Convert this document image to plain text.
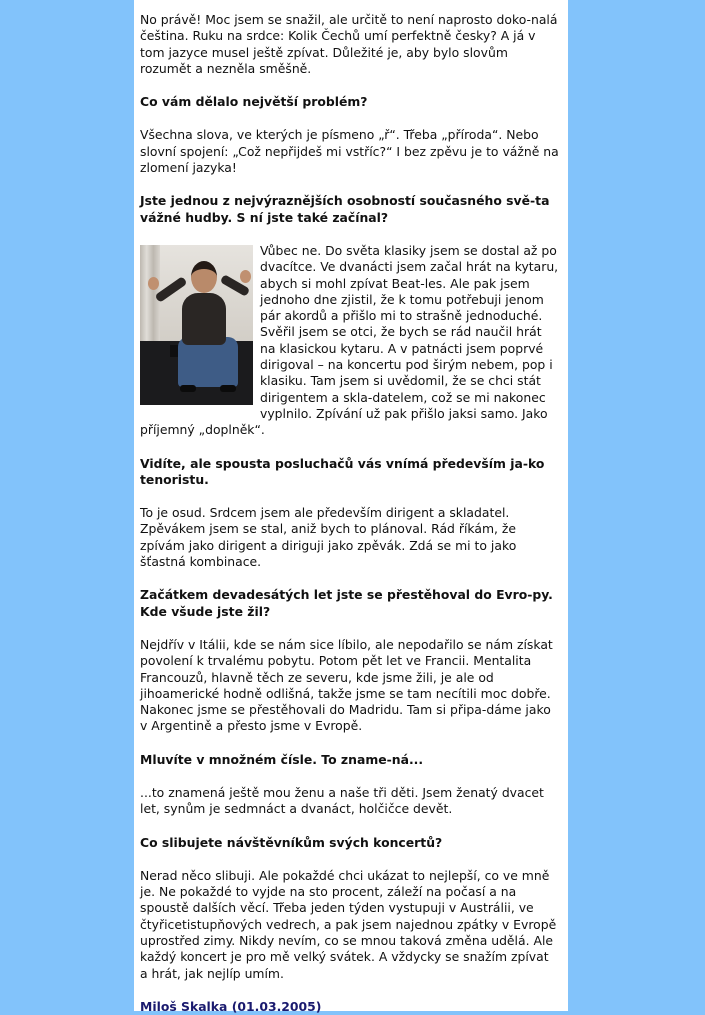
No právě! Moc jsem se snažil, ale určitě to není naprosto doko-nalá čeština. Ruku na srdce: Kolik Čechů umí perfektně česky? A já v tom jazyce musel ještě zpívat. Důležité je, aby bylo slovům rozumět a nezněla směšně.

Co vám dělalo největší problém?

Všechna slova, ve kterých je písmeno „ř“. Třeba „příroda“. Nebo slovní spojení: „Což nepřijdeš mi vstříc?“ I bez zpěvu je to vážně na zlomení jazyka!

Jste jednou z nejvýraznějších osobností současného svě-ta vážné hudby. S ní jste také začínal?

Vůbec ne. Do světa klasiky jsem se dostal až po dvacítce. Ve dvanácti jsem začal hrát na kytaru, abych si mohl zpívat Beat-les. Ale pak jsem jednoho dne zjistil, že k tomu potřebuji jenom pár akordů a přišlo mi to strašně jednoduché. Svěřil jsem se otci, že bych se rád naučil hrát na klasickou kytaru. A v patnácti jsem poprvé dirigoval – na koncertu pod širým nebem, pop i klasiku. Tam jsem si uvědomil, že se chci stát dirigentem a skla-datelem, což se mi nakonec vyplnilo. Zpívání už pak přišlo jaksi samo. Jako příjemný „doplněk“.

Vidíte, ale spousta posluchačů vás vnímá především ja-ko tenoristu.

To je osud. Srdcem jsem ale především dirigent a skladatel. Zpěvákem jsem se stal, aniž bych to plánoval. Rád říkám, že zpívám jako dirigent a diriguji jako zpěvák. Zdá se mi to jako šťastná kombinace.

Začátkem devadesátých let jste se přestěhoval do Evro-py. Kde všude jste žil?

Nejdřív v Itálii, kde se nám sice líbilo, ale nepodařilo se nám získat povolení k trvalému pobytu. Potom pět let ve Francii. Mentalita Francouzů, hlavně těch ze severu, kde jsme žili, je ale od jihoamerické hodně odlišná, takže jsme se tam necítili moc dobře. Nakonec jsme se přestěhovali do Madridu. Tam si připa-dáme jako v Argentině a přesto jsme v Evropě.

Mluvíte v množném čísle. To zname-ná...

...to znamená ještě mou ženu a naše tři děti. Jsem ženatý dvacet let, synům je sedmnáct a dvanáct, holčičce devět.

Co slibujete návštěvníkům svých koncertů?

Nerad něco slibuji. Ale pokaždé chci ukázat to nejlepší, co ve mně je. Ne pokaždé to vyjde na sto procent, záleží na počasí a na spoustě dalších věcí. Třeba jeden týden vystupuji v Austrálii, ve čtyřicetistupňových vedrech, a pak jsem najednou zpátky v Evropě uprostřed zimy. Nikdy nevím, co se mnou taková změna udělá. Ale každý koncert je pro mě velký svátek. A vždycky se snažím zpívat a hrát, jak nejlíp umím.

Miloš Skalka (01.03.2005)
